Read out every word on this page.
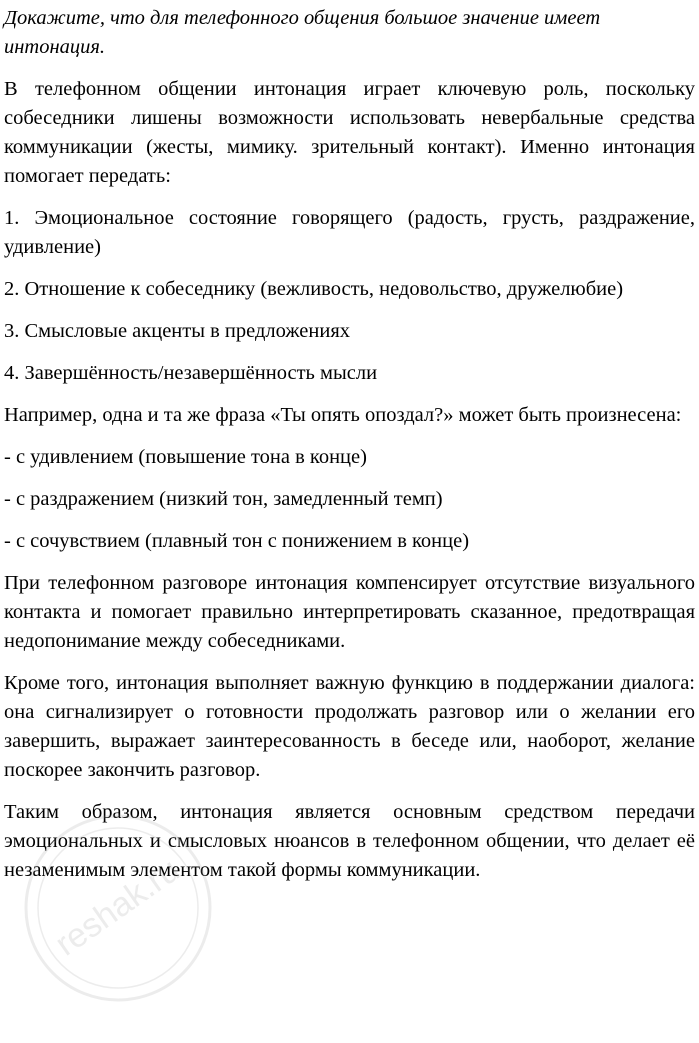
Докажите, что для телефонного общения большое значение имеет интонация.

В телефонном общении интонация играет ключевую роль, поскольку собеседники лишены возможности использовать невербальные средства коммуникации (жесты, мимику. зрительный контакт). Именно интонация помогает передать:

1. Эмоциональное состояние говорящего (радость, грусть, раздражение, удивление)

2. Отношение к собеседнику (вежливость, недовольство, дружелюбие)

3. Смысловые акценты в предложениях

4. Завершённость/незавершённость мысли

Например, одна и та же фраза «Ты опять опоздал?» может быть произнесена:

- с удивлением (повышение тона в конце)

- с раздражением (низкий тон, замедленный темп)

- с сочувствием (плавный тон с понижением в конце)

При телефонном разговоре интонация компенсирует отсутствие визуального контакта и помогает правильно интерпретировать сказанное, предотвращая недопонимание между собеседниками.

Кроме того, интонация выполняет важную функцию в поддержании диалога: она сигнализирует о готовности продолжать разговор или о желании его завершить, выражает заинтересованность в беседе или, наоборот, желание поскорее закончить разговор.

Таким образом, интонация является основным средством передачи эмоциональных и смысловых нюансов в телефонном общении, что делает её незаменимым элементом такой формы коммуникации.

reshak.ru
